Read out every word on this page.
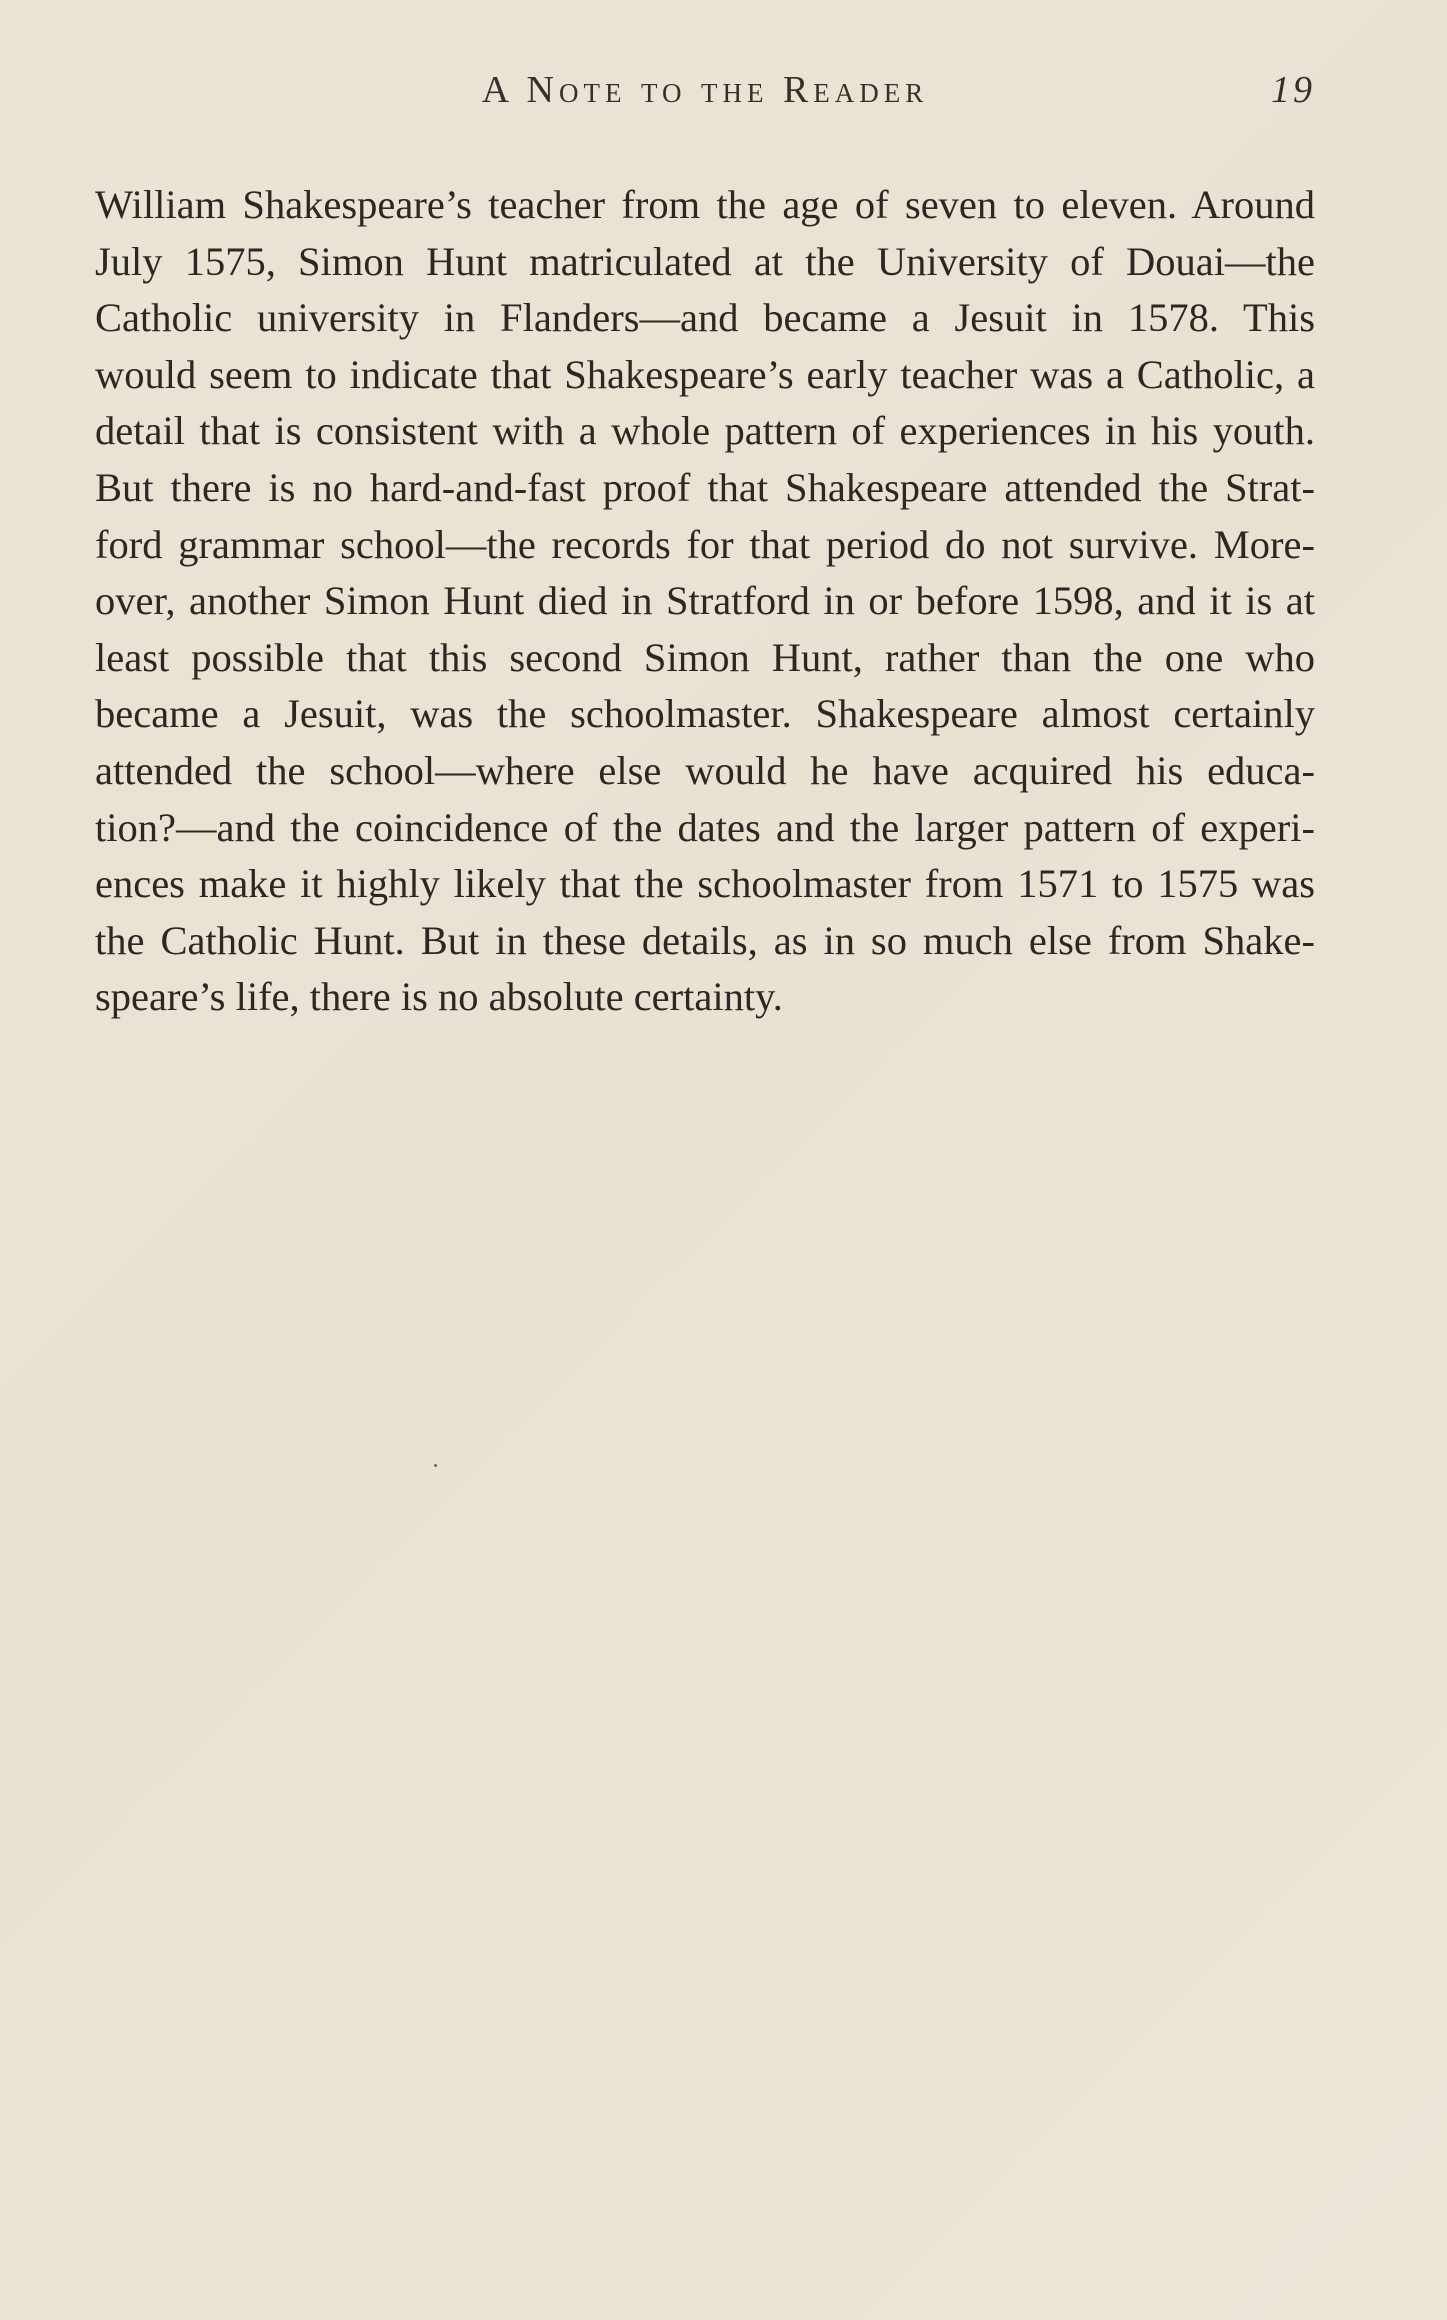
A Note to the Reader	19
William Shakespeare’s teacher from the age of seven to eleven. Around
July 1575, Simon Hunt matriculated at the University of Douai—the
Catholic university in Flanders—and became a Jesuit in 1578. This
would seem to indicate that Shakespeare’s early teacher was a Catholic, a
detail that is consistent with a whole pattern of experiences in his youth.
But there is no hard-and-fast proof that Shakespeare attended the Strat-
ford grammar school—the records for that period do not survive. More-
over, another Simon Hunt died in Stratford in or before 1598, and it is at
least possible that this second Simon Hunt, rather than the one who
became a Jesuit, was the schoolmaster. Shakespeare almost certainly
attended the school—where else would he have acquired his educa-
tion?—and the coincidence of the dates and the larger pattern of experi-
ences make it highly likely that the schoolmaster from 1571 to 1575 was
the Catholic Hunt. But in these details, as in so much else from Shake-
speare’s life, there is no absolute certainty.
